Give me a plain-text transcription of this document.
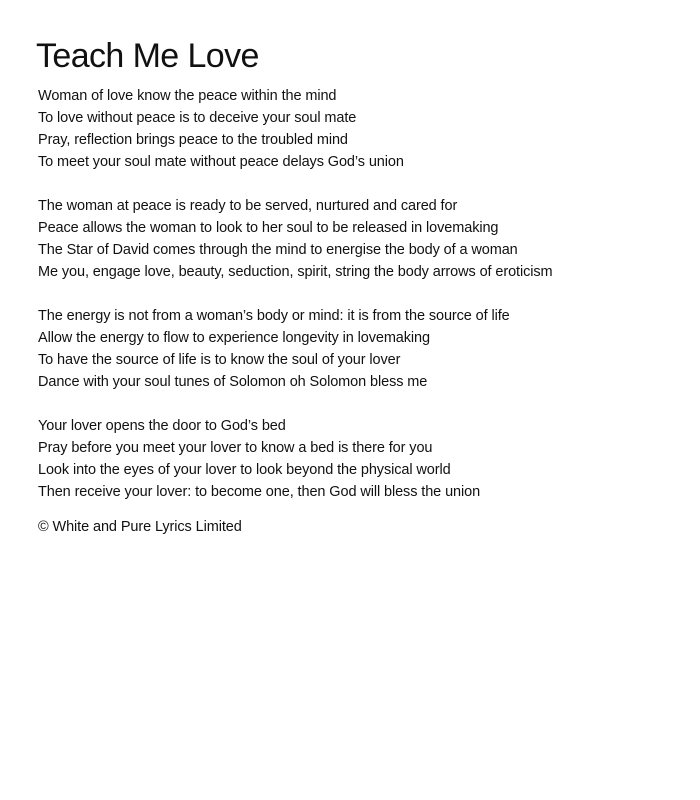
Teach Me Love
Woman of love know the peace within the mind
To love without peace is to deceive your soul mate
Pray, reflection brings peace to the troubled mind
To meet your soul mate without peace delays God’s union
The woman at peace is ready to be served, nurtured and cared for
Peace allows the woman to look to her soul to be released in lovemaking
The Star of David comes through the mind to energise the body of a woman
Me you, engage love, beauty, seduction, spirit, string the body arrows of eroticism
The energy is not from a woman’s body or mind: it is from the source of life
Allow the energy to flow to experience longevity in lovemaking
To have the source of life is to know the soul of your lover
Dance with your soul tunes of Solomon oh Solomon bless me
Your lover opens the door to God’s bed
Pray before you meet your lover to know a bed is there for you
Look into the eyes of your lover to look beyond the physical world
Then receive your lover: to become one, then God will bless the union
© White and Pure Lyrics Limited
